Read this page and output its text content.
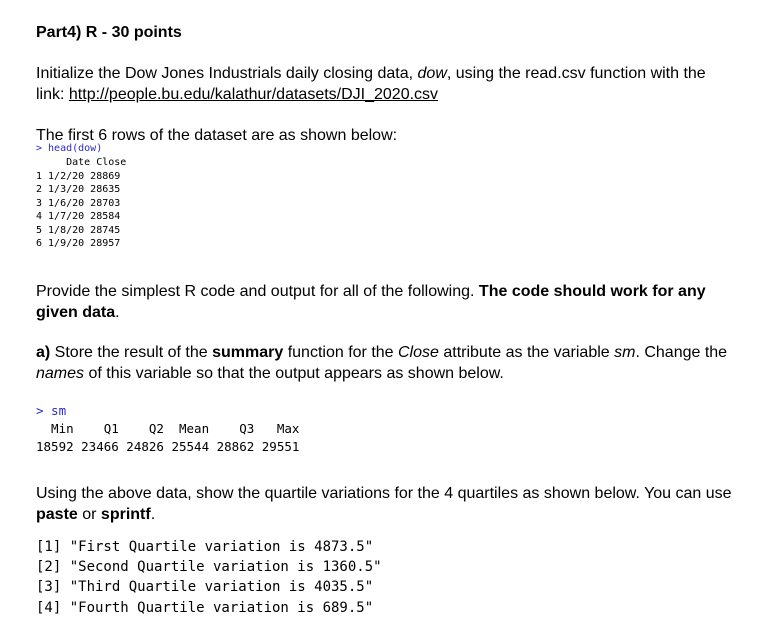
Part4) R - 30 points
Initialize the Dow Jones Industrials daily closing data, dow, using the read.csv function with the
link: http://people.bu.edu/kalathur/datasets/DJI_2020.csv
The first 6 rows of the dataset are as shown below:
> head(dow)
Date Close
1 1/2/20 28869
2 1/3/20 28635
3 1/6/20 28703
4 1/7/20 28584
5 1/8/20 28745
6 1/9/20 28957
Provide the simplest R code and output for all of the following. The code should work for any given data.
a) Store the result of the summary function for the Close attribute as the variable sm. Change the names of this variable so that the output appears as shown below.
> sm
Min    Q1    Q2  Mean    Q3   Max
18592 23466 24826 25544 28862 29551
Using the above data, show the quartile variations for the 4 quartiles as shown below. You can use paste or sprintf.
[1] "First Quartile variation is 4873.5"
[2] "Second Quartile variation is 1360.5"
[3] "Third Quartile variation is 4035.5"
[4] "Fourth Quartile variation is 689.5"
